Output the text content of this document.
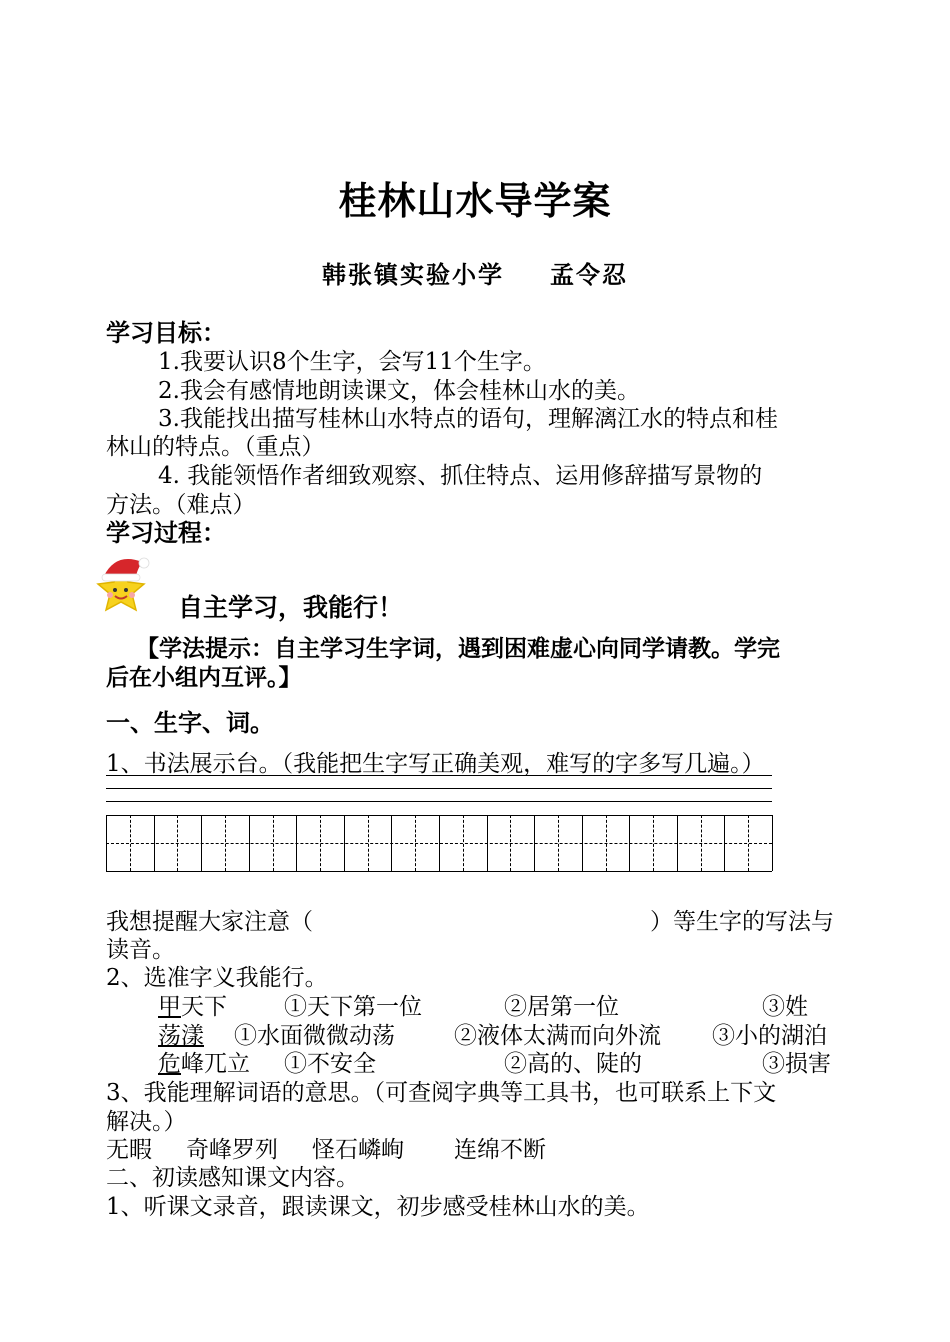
桂林山水导学案
韩张镇实验小学 孟令忍
学习目标：
1.我要认识8个生字，会写11个生字。
2.我会有感情地朗读课文，体会桂林山水的美。
3.我能找出描写桂林山水特点的语句，理解漓江水的特点和桂
林山的特点。（重点）
4. 我能领悟作者细致观察、抓住特点、运用修辞描写景物的
方法。（难点）
学习过程：
自主学习，我能行！
【学法提示：自主学习生字词，遇到困难虚心向同学请教。学完
后在小组内互评。】
一、生字、词。
1、书法展示台。（我能把生字写正确美观，难写的字多写几遍。）
我想提醒大家注意（	）等生字的写法与
读音。
2、选准字义我能行。
甲天下 ①天下第一位	②居第一位	③姓
荡漾 ①水面微微动荡	②液体太满而向外流 ③小的湖泊
危峰兀立 ①不安全	②高的、陡的	③损害
3、我能理解词语的意思。（可查阅字典等工具书，也可联系上下文
解决。）
无暇 奇峰罗列 怪石嶙峋 连绵不断
二、初读感知课文内容。
1、听课文录音，跟读课文，初步感受桂林山水的美。
